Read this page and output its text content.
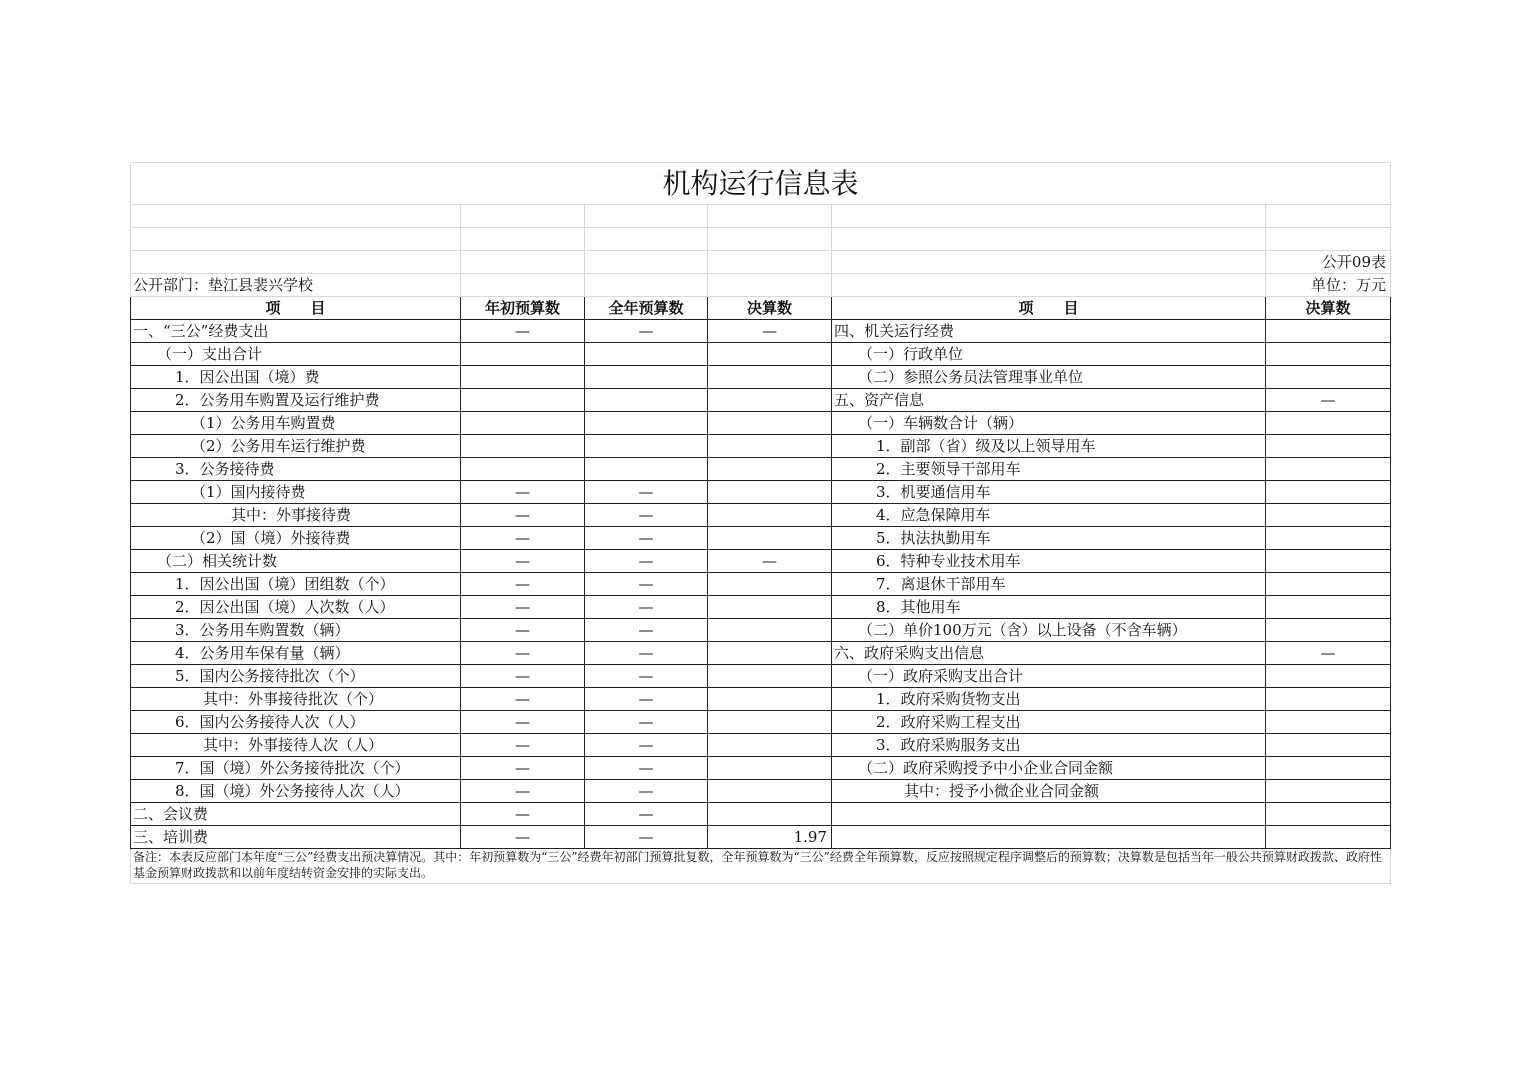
机构运行信息表					

					公开09表
公开部门：垫江县裴兴学校					单位：万元
项　　目	年初预算数	全年预算数	决算数	项　　目	决算数
一、“三公”经费支出	—	—	—	四、机关运行经费	
（一）支出合计				（一）行政单位	
1．因公出国（境）费				（二）参照公务员法管理事业单位	
2．公务用车购置及运行维护费				五、资产信息	—
（1）公务用车购置费				（一）车辆数合计（辆）	
（2）公务用车运行维护费				1．副部（省）级及以上领导用车	
3．公务接待费				2．主要领导干部用车	
（1）国内接待费	—	—		3．机要通信用车	
其中：外事接待费	—	—		4．应急保障用车	
（2）国（境）外接待费	—	—		5．执法执勤用车	
（二）相关统计数	—	—	—	6．特种专业技术用车	
1．因公出国（境）团组数（个）	—	—		7．离退休干部用车	
2．因公出国（境）人次数（人）	—	—		8．其他用车	
3．公务用车购置数（辆）	—	—		（二）单价100万元（含）以上设备（不含车辆）	
4．公务用车保有量（辆）	—	—		六、政府采购支出信息	—
5．国内公务接待批次（个）	—	—		（一）政府采购支出合计	
其中：外事接待批次（个）	—	—		1．政府采购货物支出	
6．国内公务接待人次（人）	—	—		2．政府采购工程支出	
其中：外事接待人次（人）	—	—		3．政府采购服务支出	
7．国（境）外公务接待批次（个）	—	—		（二）政府采购授予中小企业合同金额	
8．国（境）外公务接待人次（人）	—	—		其中：授予小微企业合同金额	
二、会议费	—	—			
三、培训费	—	—	1.97		
备注：本表反应部门本年度“三公”经费支出预决算情况。其中：年初预算数为“三公”经费年初部门预算批复数，全年预算数为“三公”经费全年预算数，反应按照规定程序调整后的预算数；决算数是包括当年一般公共预算财政拨款、政府性基金预算财政拨款和以前年度结转资金安排的实际支出。					
